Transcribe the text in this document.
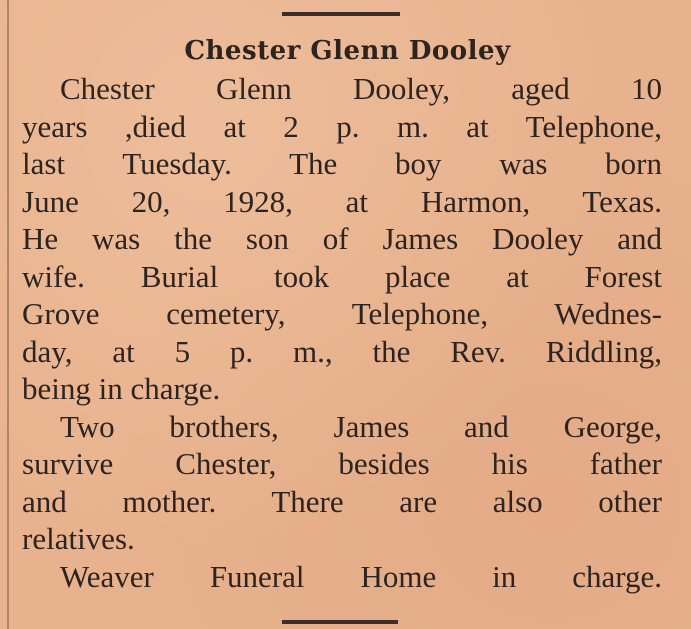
Chester Glenn Dooley
Chester Glenn Dooley, aged 10
years ,died at 2 p. m. at Telephone,
last Tuesday. The boy was born
June 20, 1928, at Harmon, Texas.
He was the son of James Dooley and
wife. Burial took place at Forest
Grove cemetery, Telephone, Wednes-
day, at 5 p. m., the Rev. Riddling,
being in charge.
Two brothers, James and George,
survive Chester, besides his father
and mother. There are also other
relatives.
Weaver Funeral Home in charge.
